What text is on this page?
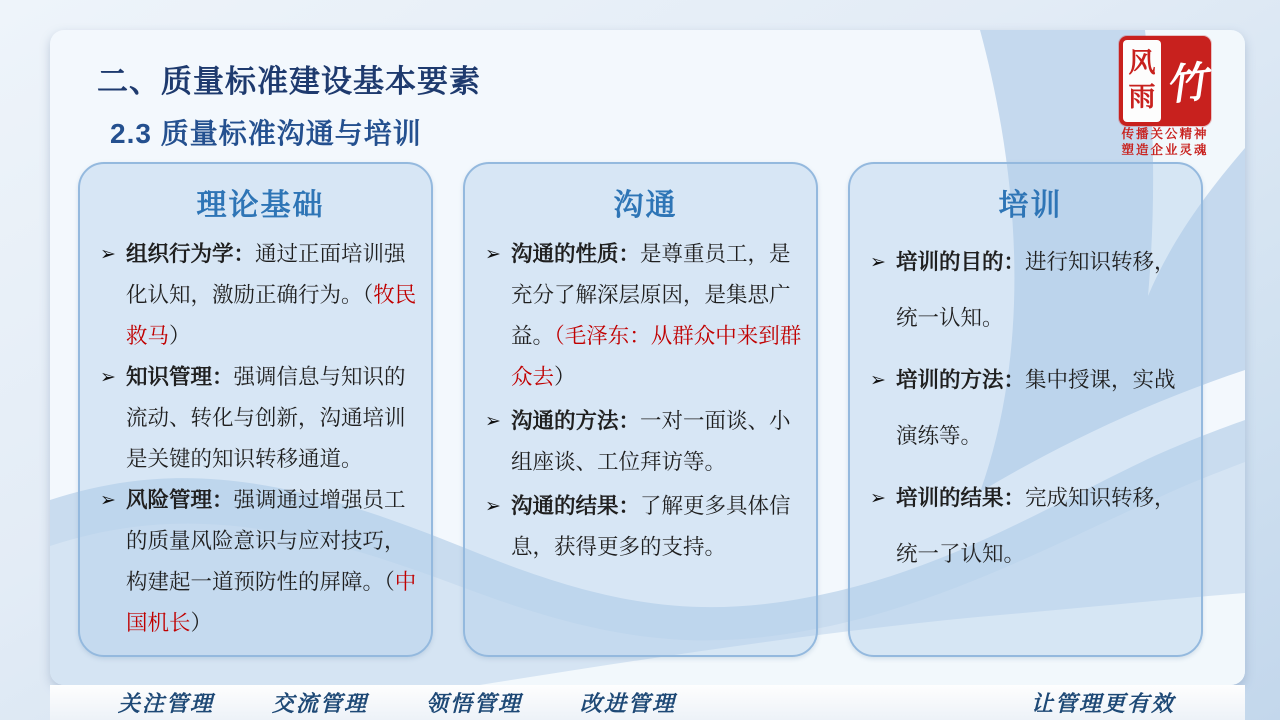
二、质量标准建设基本要素
2.3 质量标准沟通与培训
风
雨 竹
传播关公精神
塑造企业灵魂
理论基础
➢ 组织行为学：通过正面培训强化认知，激励正确行为。（牧民救马）
➢ 知识管理：强调信息与知识的流动、转化与创新，沟通培训是关键的知识转移通道。
➢ 风险管理：强调通过增强员工的质量风险意识与应对技巧，构建起一道预防性的屏障。（中国机长）
沟通
➢ 沟通的性质：是尊重员工，是充分了解深层原因，是集思广益。（毛泽东：从群众中来到群众去）
➢ 沟通的方法：一对一面谈、小组座谈、工位拜访等。
➢ 沟通的结果：了解更多具体信息，获得更多的支持。
培训
➢ 培训的目的：进行知识转移，统一认知。
➢ 培训的方法：集中授课，实战演练等。
➢ 培训的结果：完成知识转移，统一了认知。
关注管理	交流管理	领悟管理	改进管理	让管理更有效
